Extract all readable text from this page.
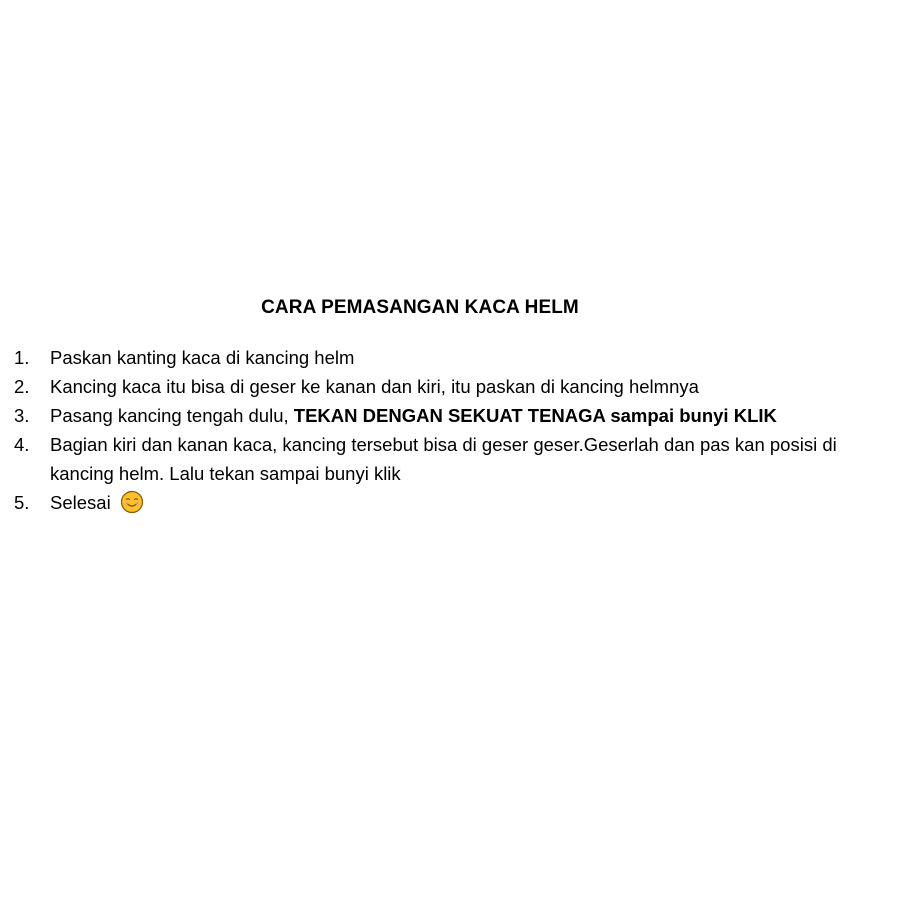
CARA PEMASANGAN KACA HELM
1.	Paskan kanting kaca di kancing helm
2.	Kancing kaca itu bisa di geser ke kanan dan kiri, itu paskan di kancing helmnya
3.	Pasang kancing tengah dulu, TEKAN DENGAN SEKUAT TENAGA sampai bunyi KLIK
4.	Bagian kiri dan kanan kaca, kancing tersebut bisa di geser geser.Geserlah dan pas kan posisi di kancing helm. Lalu tekan sampai bunyi klik
5.	Selesai
